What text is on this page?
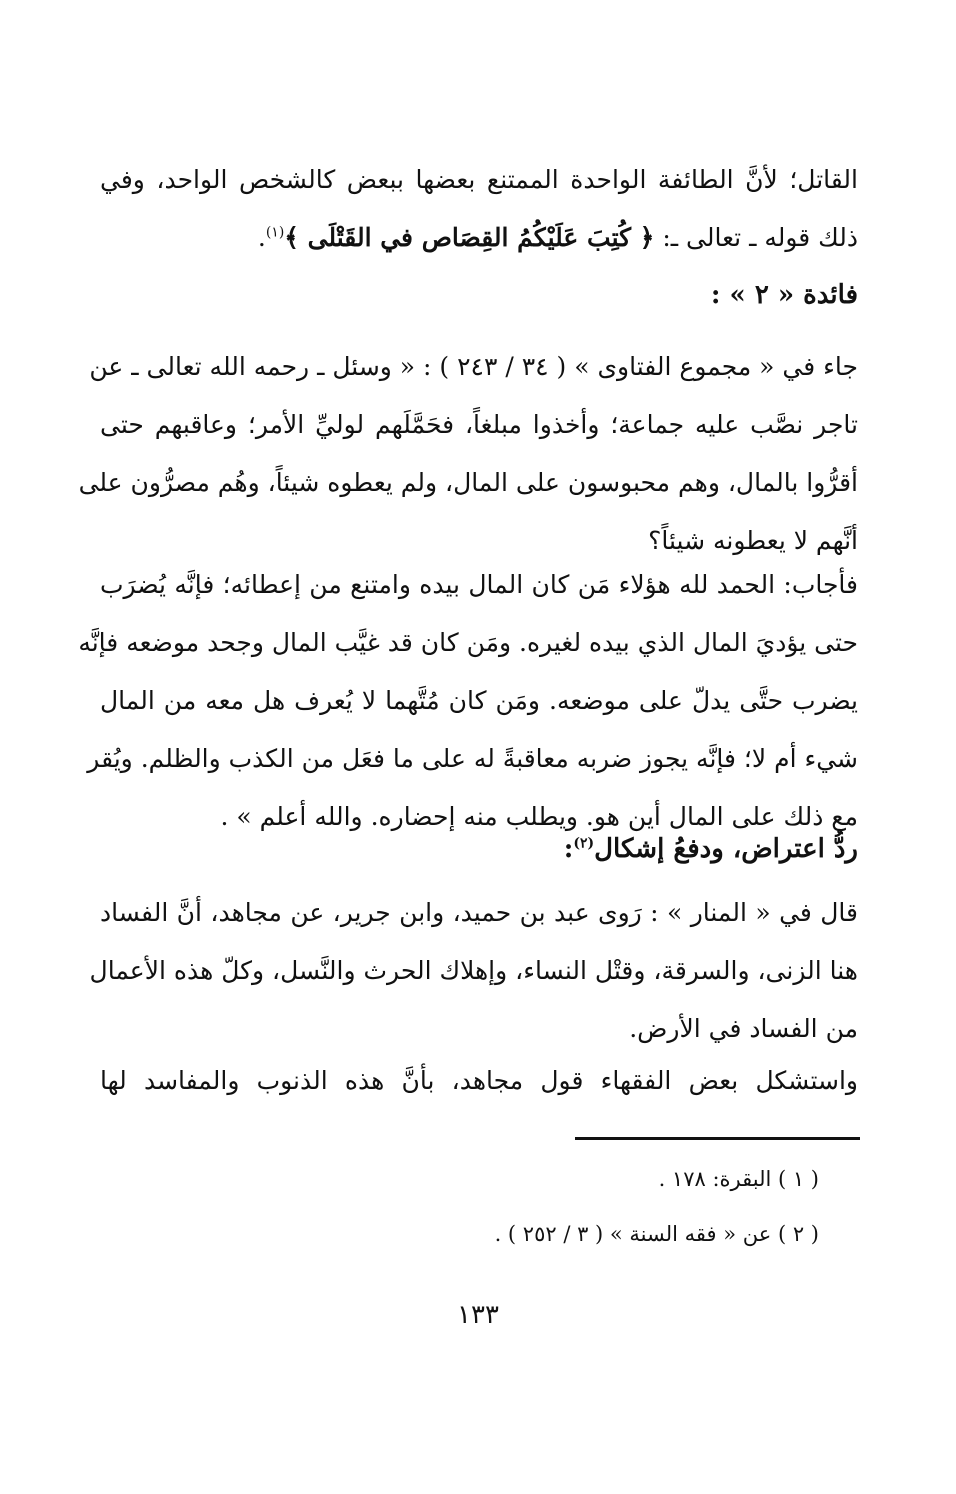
القاتل؛ لأنَّ الطائفة الواحدة الممتنع بعضها ببعض كالشخص الواحد، وفي
ذلك قوله ـ تعالى ـ: ﴿ كُتِبَ عَلَيْكُمُ القِصَاص في القَتْلَى ﴾$^{(١)}$.
فائدة « ٢ » :
جاء في « مجموع الفتاوى » ( ٣٤ / ٢٤٣ ) : « وسئل ـ رحمه الله تعالى ـ عن
تاجر نصَّب عليه جماعة؛ وأخذوا مبلغاً، فحَمَّلَهم لوليِّ الأمر؛ وعاقبهم حتى
أقرُّوا بالمال، وهم محبوسون على المال، ولم يعطوه شيئاً، وهُم مصرُّون على
أنَّهم لا يعطونه شيئاً؟
فأجاب: الحمد لله هؤلاء مَن كان المال بيده وامتنع من إعطائه؛ فإنَّه يُضرَب
حتى يؤديَ المال الذي بيده لغيره. ومَن كان قد غيَّب المال وجحد موضعه فإنَّه
يضرب حتَّى يدلّ على موضعه. ومَن كان مُتَّهما لا يُعرف هل معه من المال
شيء أم لا؛ فإنَّه يجوز ضربه معاقبةً له على ما فعَل من الكذب والظلم. ويُقر
مع ذلك على المال أين هو. ويطلب منه إحضاره. والله أعلم » .
ردُّ اعتراض، ودفعُ إشكال$^{(٢)}$:
قال في « المنار » : رَوى عبد بن حميد، وابن جرير، عن مجاهد، أنَّ الفساد
هنا الزنى، والسرقة، وقتْل النساء، وإهلاك الحرث والنَّسل، وكلّ هذه الأعمال
من الفساد في الأرض.
واستشكل بعض الفقهاء قول مجاهد، بأنَّ هذه الذنوب والمفاسد لها
( ١ ) البقرة: ١٧٨ .
( ٢ ) عن « فقه السنة » ( ٣ / ٢٥٢ ) .
١٣٣
